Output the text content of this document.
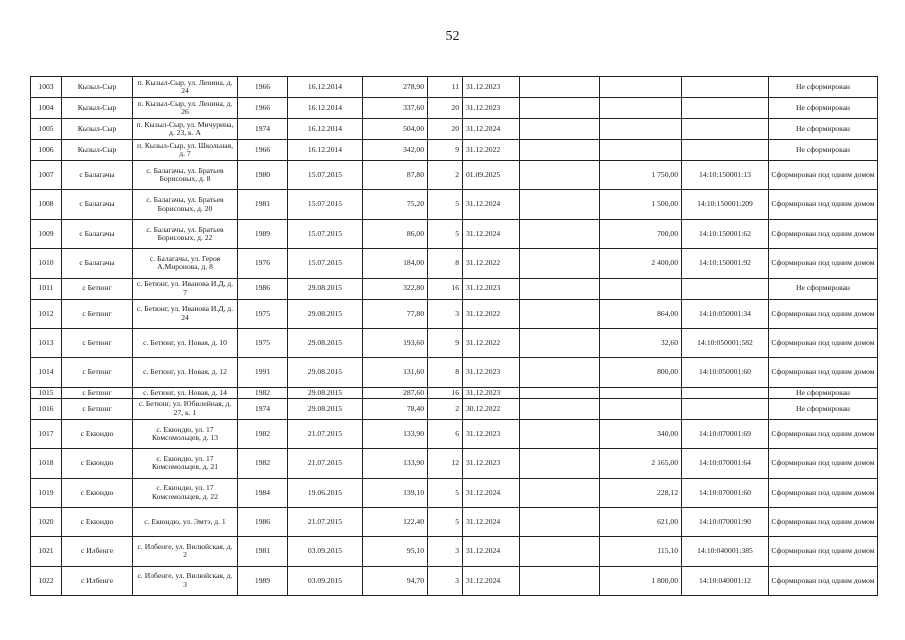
52
1003	Кызыл-Сыр	п. Кызыл-Сыр, ул. Ленина, д. 24	1966	16.12.2014	278,90	11	31.12.2023				Не сформирован
1004	Кызыл-Сыр	п. Кызыл-Сыр, ул. Ленина, д. 26	1966	16.12.2014	337,60	20	31.12.2023				Не сформирован
1005	Кызыл-Сыр	п. Кызыл-Сыр, ул. Мичурина, д. 23, к. А	1974	16.12.2014	504,00	20	31.12.2024				Не сформирован
1006	Кызыл-Сыр	п. Кызыл-Сыр, ул. Школьная, д. 7	1966	16.12.2014	342,00	9	31.12.2022				Не сформирован
1007	с Балагачы	с. Балагачы, ул. Братьев Борисовых, д. 8	1980	15.07.2015	87,80	2	01.09.2025		1 750,00	14:10:150001:13	Сформирован под одним домом
1008	с Балагачы	с. Балагачы, ул. Братьев Борисовых, д. 20	1981	15.07.2015	75,20	5	31.12.2024		1 500,00	14:10:150001:209	Сформирован под одним домом
1009	с Балагачы	с. Балагачы, ул. Братьев Борисовых, д. 22	1989	15.07.2015	86,00	5	31.12.2024		700,00	14:10:150001:62	Сформирован под одним домом
1010	с Балагачы	с. Балагачы, ул. Героя А.Миронова, д. 8	1976	15.07.2015	184,00	8	31.12.2022		2 400,00	14:10:150001:92	Сформирован под одним домом
1011	с Бетюнг	с. Бетюнг, ул. Иванова И.Д, д. 7	1986	29.08.2015	322,80	16	31.12.2023				Не сформирован
1012	с Бетюнг	с. Бетюнг, ул. Иванова И.Д, д. 24	1975	29.08.2015	77,80	3	31.12.2022		864,00	14:10:050001:34	Сформирован под одним домом
1013	с Бетюнг	с. Бетюнг, ул. Новая, д. 10	1975	29.08.2015	193,60	9	31.12.2022		32,60	14:10:050001:582	Сформирован под одним домом
1014	с Бетюнг	с. Бетюнг, ул. Новая, д. 12	1991	29.08.2015	131,60	8	31.12.2023		800,00	14:10:050001:60	Сформирован под одним домом
1015	с Бетюнг	с. Бетюнг, ул. Новая, д. 14	1982	29.08.2015	287,60	16	31.12.2023				Не сформирован
1016	с Бетюнг	с. Бетюнг, ул. Юбилейная, д. 27, к. 1	1974	29.08.2015	78,40	2	30.12.2022				Не сформирован
1017	с Екюндю	с. Екюндю, ул. 17 Комсомольцев, д. 13	1982	21.07.2015	133,90	6	31.12.2023		340,00	14:10:070001:69	Сформирован под одним домом
1018	с Екюндю	с. Екюндю, ул. 17 Комсомольцев, д. 21	1982	21.07.2015	133,90	12	31.12.2023		2 165,00	14:10:070001:64	Сформирован под одним домом
1019	с Екюндю	с. Екюндю, ул. 17 Комсомольцев, д. 22	1984	19.06.2015	139,10	5	31.12.2024		228,12	14:10:070001:60	Сформирован под одним домом
1020	с Екюндю	с. Екюндю, ул. Эмтэ, д. 1	1986	21.07.2015	122,40	5	31.12.2024		621,00	14:10:070001:90	Сформирован под одним домом
1021	с Илбенге	с. Илбенге, ул. Вилюйская, д. 2	1981	03.09.2015	95,10	3	31.12.2024		115,10	14:10:040001:385	Сформирован под одним домом
1022	с Илбенге	с. Илбенге, ул. Вилюйская, д. 3	1989	03.09.2015	94,70	3	31.12.2024		1 800,00	14:10:040001:12	Сформирован под одним домом
